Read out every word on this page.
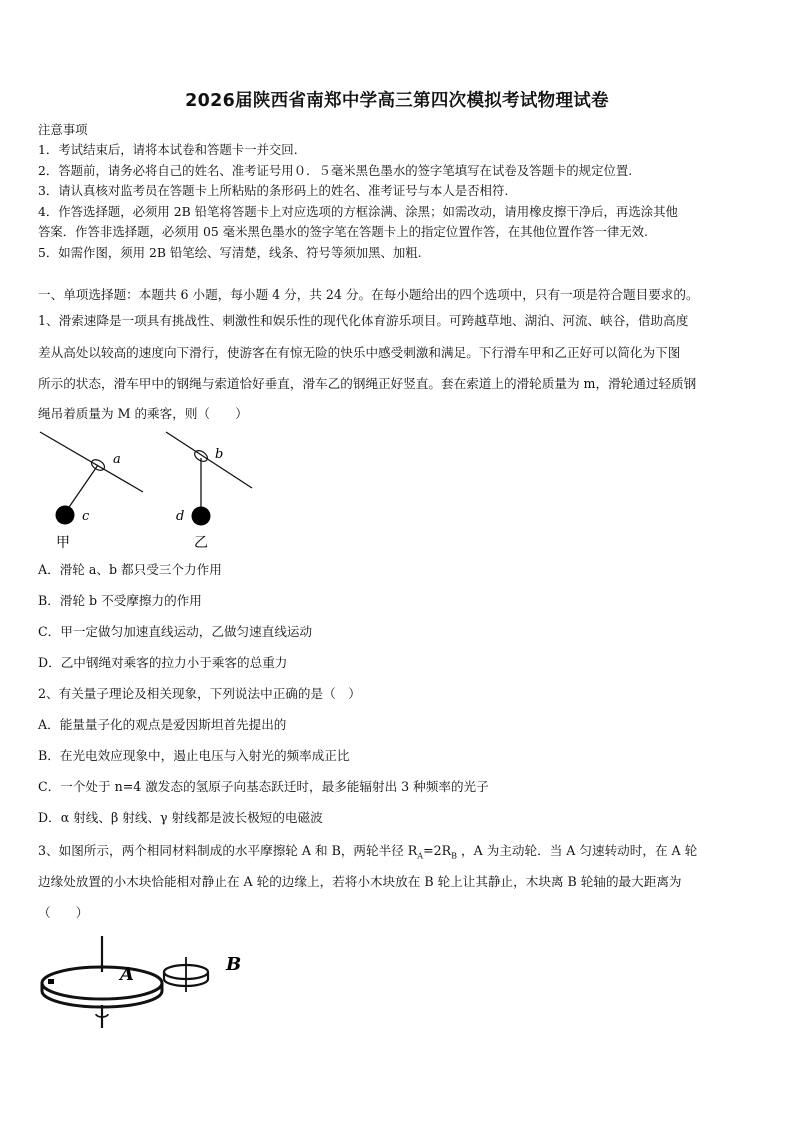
2026届陕西省南郑中学高三第四次模拟考试物理试卷
注意事项
1．考试结束后，请将本试卷和答题卡一并交回.
2．答题前，请务必将自己的姓名、准考证号用０．５毫米黑色墨水的签字笔填写在试卷及答题卡的规定位置.
3．请认真核对监考员在答题卡上所粘贴的条形码上的姓名、准考证号与本人是否相符.
4．作答选择题，必须用 2B 铅笔将答题卡上对应选项的方框涂满、涂黑；如需改动，请用橡皮擦干净后，再选涂其他
答案．作答非选择题，必须用 05 毫米黑色墨水的签字笔在答题卡上的指定位置作答，在其他位置作答一律无效.
5．如需作图，须用 2B 铅笔绘、写清楚，线条、符号等须加黑、加粗.
一、单项选择题：本题共 6 小题，每小题 4 分，共 24 分。在每小题给出的四个选项中，只有一项是符合题目要求的。
1、滑索速降是一项具有挑战性、刺激性和娱乐性的现代化体育游乐项目。可跨越草地、湖泊、河流、峡谷，借助高度
差从高处以较高的速度向下滑行，使游客在有惊无险的快乐中感受刺激和满足。下行滑车甲和乙正好可以简化为下图
所示的状态，滑车甲中的钢绳与索道恰好垂直，滑车乙的钢绳正好竖直。套在索道上的滑轮质量为 m，滑轮通过轻质钢
绳吊着质量为 M 的乘客，则（　　）
a
c
甲
b
d
乙
A．滑轮 a、b 都只受三个力作用
B．滑轮 b 不受摩擦力的作用
C．甲一定做匀加速直线运动，乙做匀速直线运动
D．乙中钢绳对乘客的拉力小于乘客的总重力
2、有关量子理论及相关现象，下列说法中正确的是（　）
A．能量量子化的观点是爱因斯坦首先提出的
B．在光电效应现象中，遏止电压与入射光的频率成正比
C．一个处于 n=4 激发态的氢原子向基态跃迁时，最多能辐射出 3 种频率的光子
D．α 射线、β 射线、γ 射线都是波长极短的电磁波
3、如图所示，两个相同材料制成的水平摩擦轮 A 和 B，两轮半径 $R_A=2R_B$ ，A 为主动轮．当 A 匀速转动时，在 A 轮
边缘处放置的小木块恰能相对静止在 A 轮的边缘上，若将小木块放在 B 轮上让其静止，木块离 B 轮轴的最大距离为
（　　）
A	B
